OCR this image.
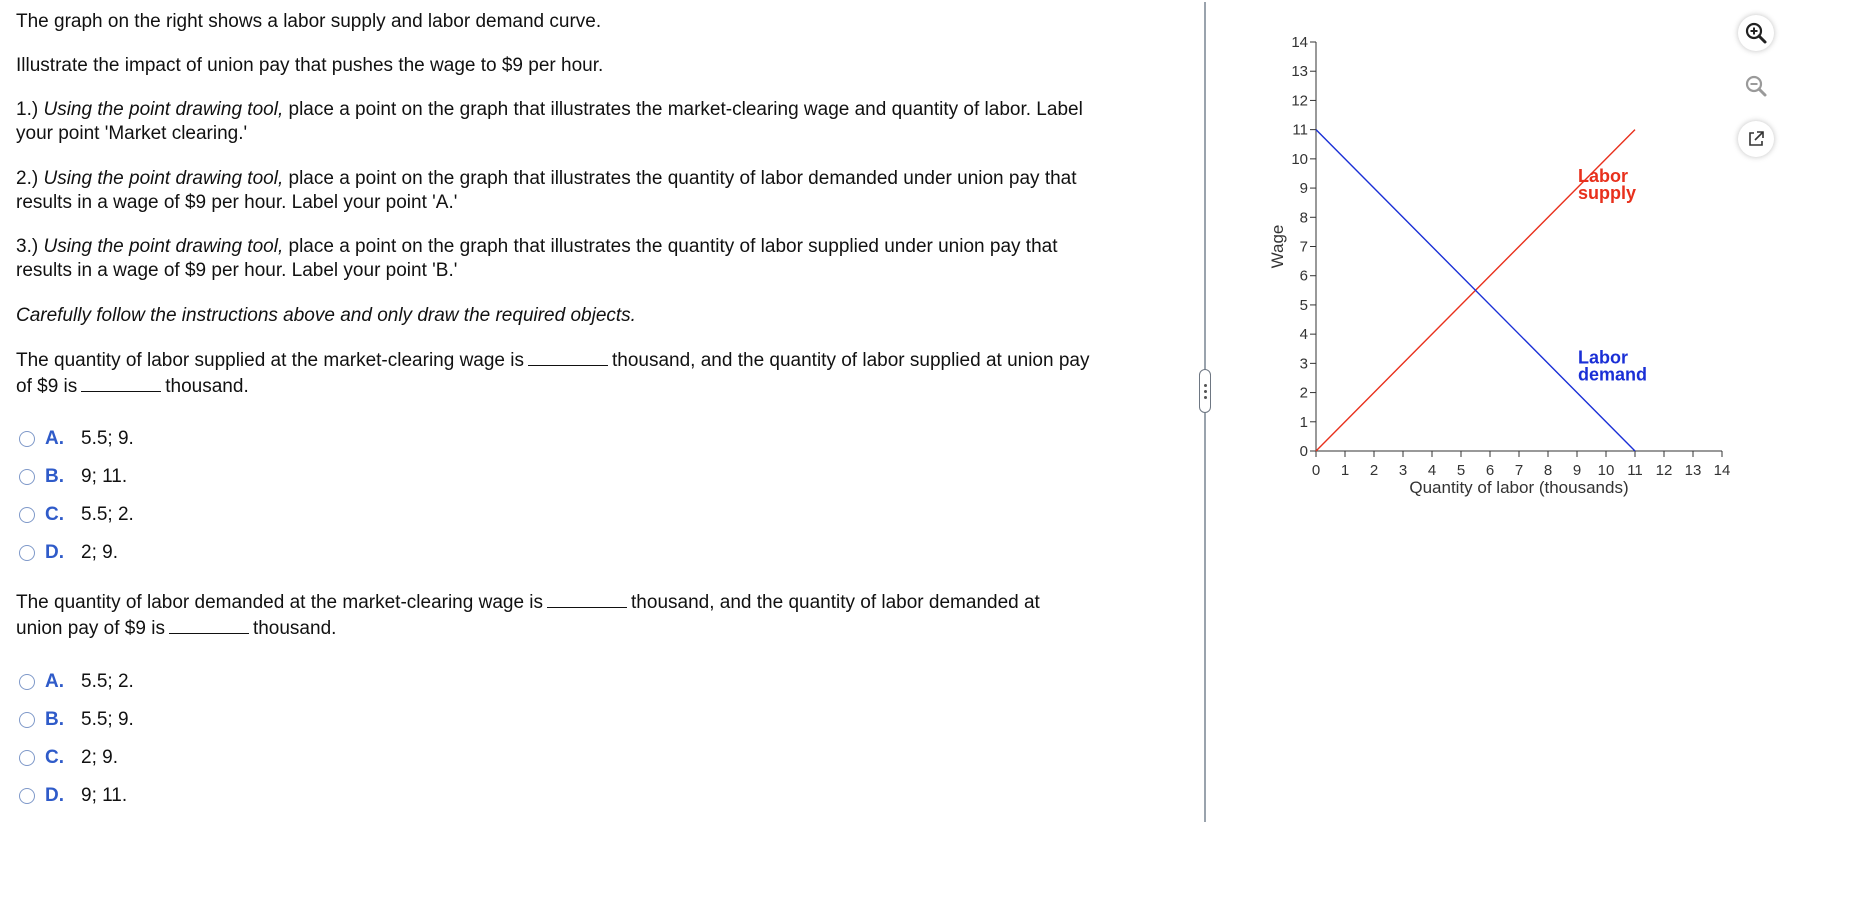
The graph on the right shows a labor supply and labor demand curve.

Illustrate the impact of union pay that pushes the wage to $9 per hour.

1.) Using the point drawing tool, place a point on the graph that illustrates the market-clearing wage and quantity of labor. Label
your point 'Market clearing.'

2.) Using the point drawing tool, place a point on the graph that illustrates the quantity of labor demanded under union pay that
results in a wage of $9 per hour. Label your point 'A.'

3.) Using the point drawing tool, place a point on the graph that illustrates the quantity of labor supplied under union pay that
results in a wage of $9 per hour. Label your point 'B.'

Carefully follow the instructions above and only draw the required objects.

The quantity of labor supplied at the market-clearing wage is	thousand, and the quantity of labor supplied at union pay
of $9 is	thousand.

A. 5.5; 9.
B. 9; 11.
C. 5.5; 2.
D. 2; 9.

The quantity of labor demanded at the market-clearing wage is	thousand, and the quantity of labor demanded at
union pay of $9 is	thousand.

A. 5.5; 2.
B. 5.5; 9.
C. 2; 9.
D. 9; 11.
0 1 2 3 4 5 6 7 8 9 10 11 12 13 14
0
1
2
3
4
5
6
7
8
9
10
11
12
13
14
Quantity of labor (thousands)
Wage
Labor supply
Labor demand
